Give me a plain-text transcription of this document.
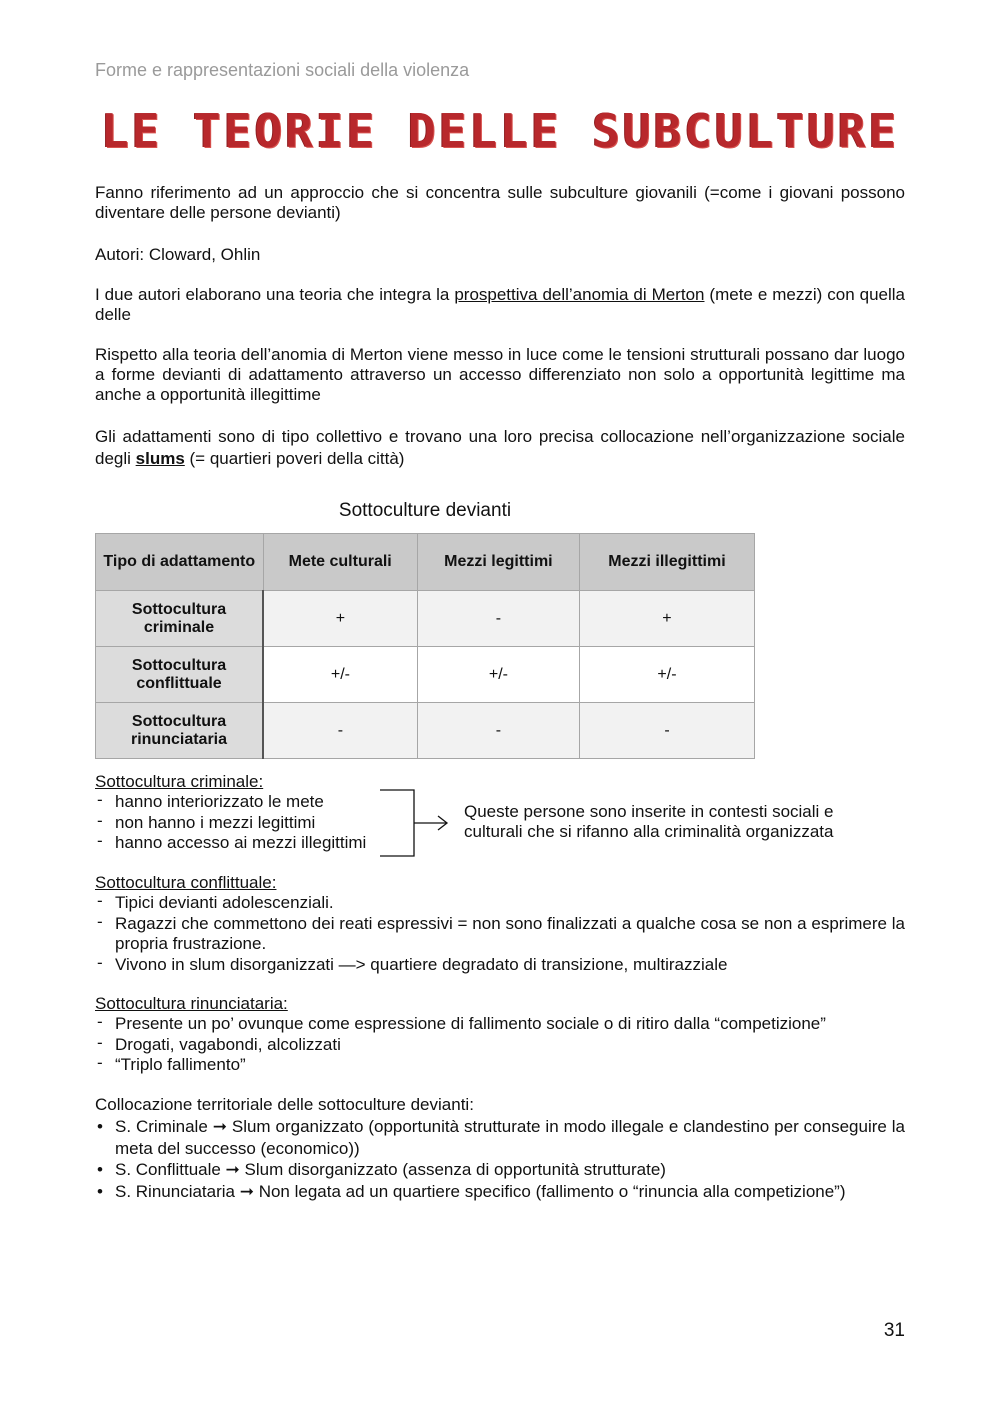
Forme e rappresentazioni sociali della violenza
LE TEORIE DELLE SUBCULTURE
Fanno riferimento ad un approccio che si concentra sulle subculture giovanili (=come i giovani possono diventare delle persone devianti)
Autori: Cloward, Ohlin
I due autori elaborano una teoria che integra la prospettiva dell’anomia di Merton (mete e mezzi) con quella delle
Rispetto alla teoria dell’anomia di Merton viene messo in luce come le tensioni strutturali possano dar luogo a forme devianti di adattamento attraverso un accesso differenziato non solo a opportunità legittime ma anche a opportunità illegittime
Gli adattamenti sono di tipo collettivo e trovano una loro precisa collocazione nell’organizzazione sociale degli slums (= quartieri poveri della città)
Sottoculture devianti
Tipo di adattamento	Mete culturali	Mezzi legittimi	Mezzi illegittimi
Sottocultura criminale	+	-	+
Sottocultura conflittuale	+/-	+/-	+/-
Sottocultura rinunciataria	-	-	-
Sottocultura criminale:
- hanno interiorizzato le mete
- non hanno i mezzi legittimi
- hanno accesso ai mezzi illegittimi
Queste persone sono inserite in contesti sociali e culturali che si rifanno alla criminalità organizzata
Sottocultura conflittuale:
- Tipici devianti adolescenziali.
- Ragazzi che commettono dei reati espressivi = non sono finalizzati a qualche cosa se non a esprimere la propria frustrazione.
- Vivono in slum disorganizzati —> quartiere degradato di transizione, multirazziale
Sottocultura rinunciataria:
- Presente un po’ ovunque come espressione di fallimento sociale o di ritiro dalla “competizione”
- Drogati, vagabondi, alcolizzati
- “Triplo fallimento”
Collocazione territoriale delle sottoculture devianti:
• S. Criminale ➞ Slum organizzato (opportunità strutturate in modo illegale e clandestino per conseguire la meta del successo (economico))
• S. Conflittuale ➞ Slum disorganizzato (assenza di opportunità strutturate)
• S. Rinunciataria ➞ Non legata ad un quartiere specifico (fallimento o “rinuncia alla competizione”)
31
